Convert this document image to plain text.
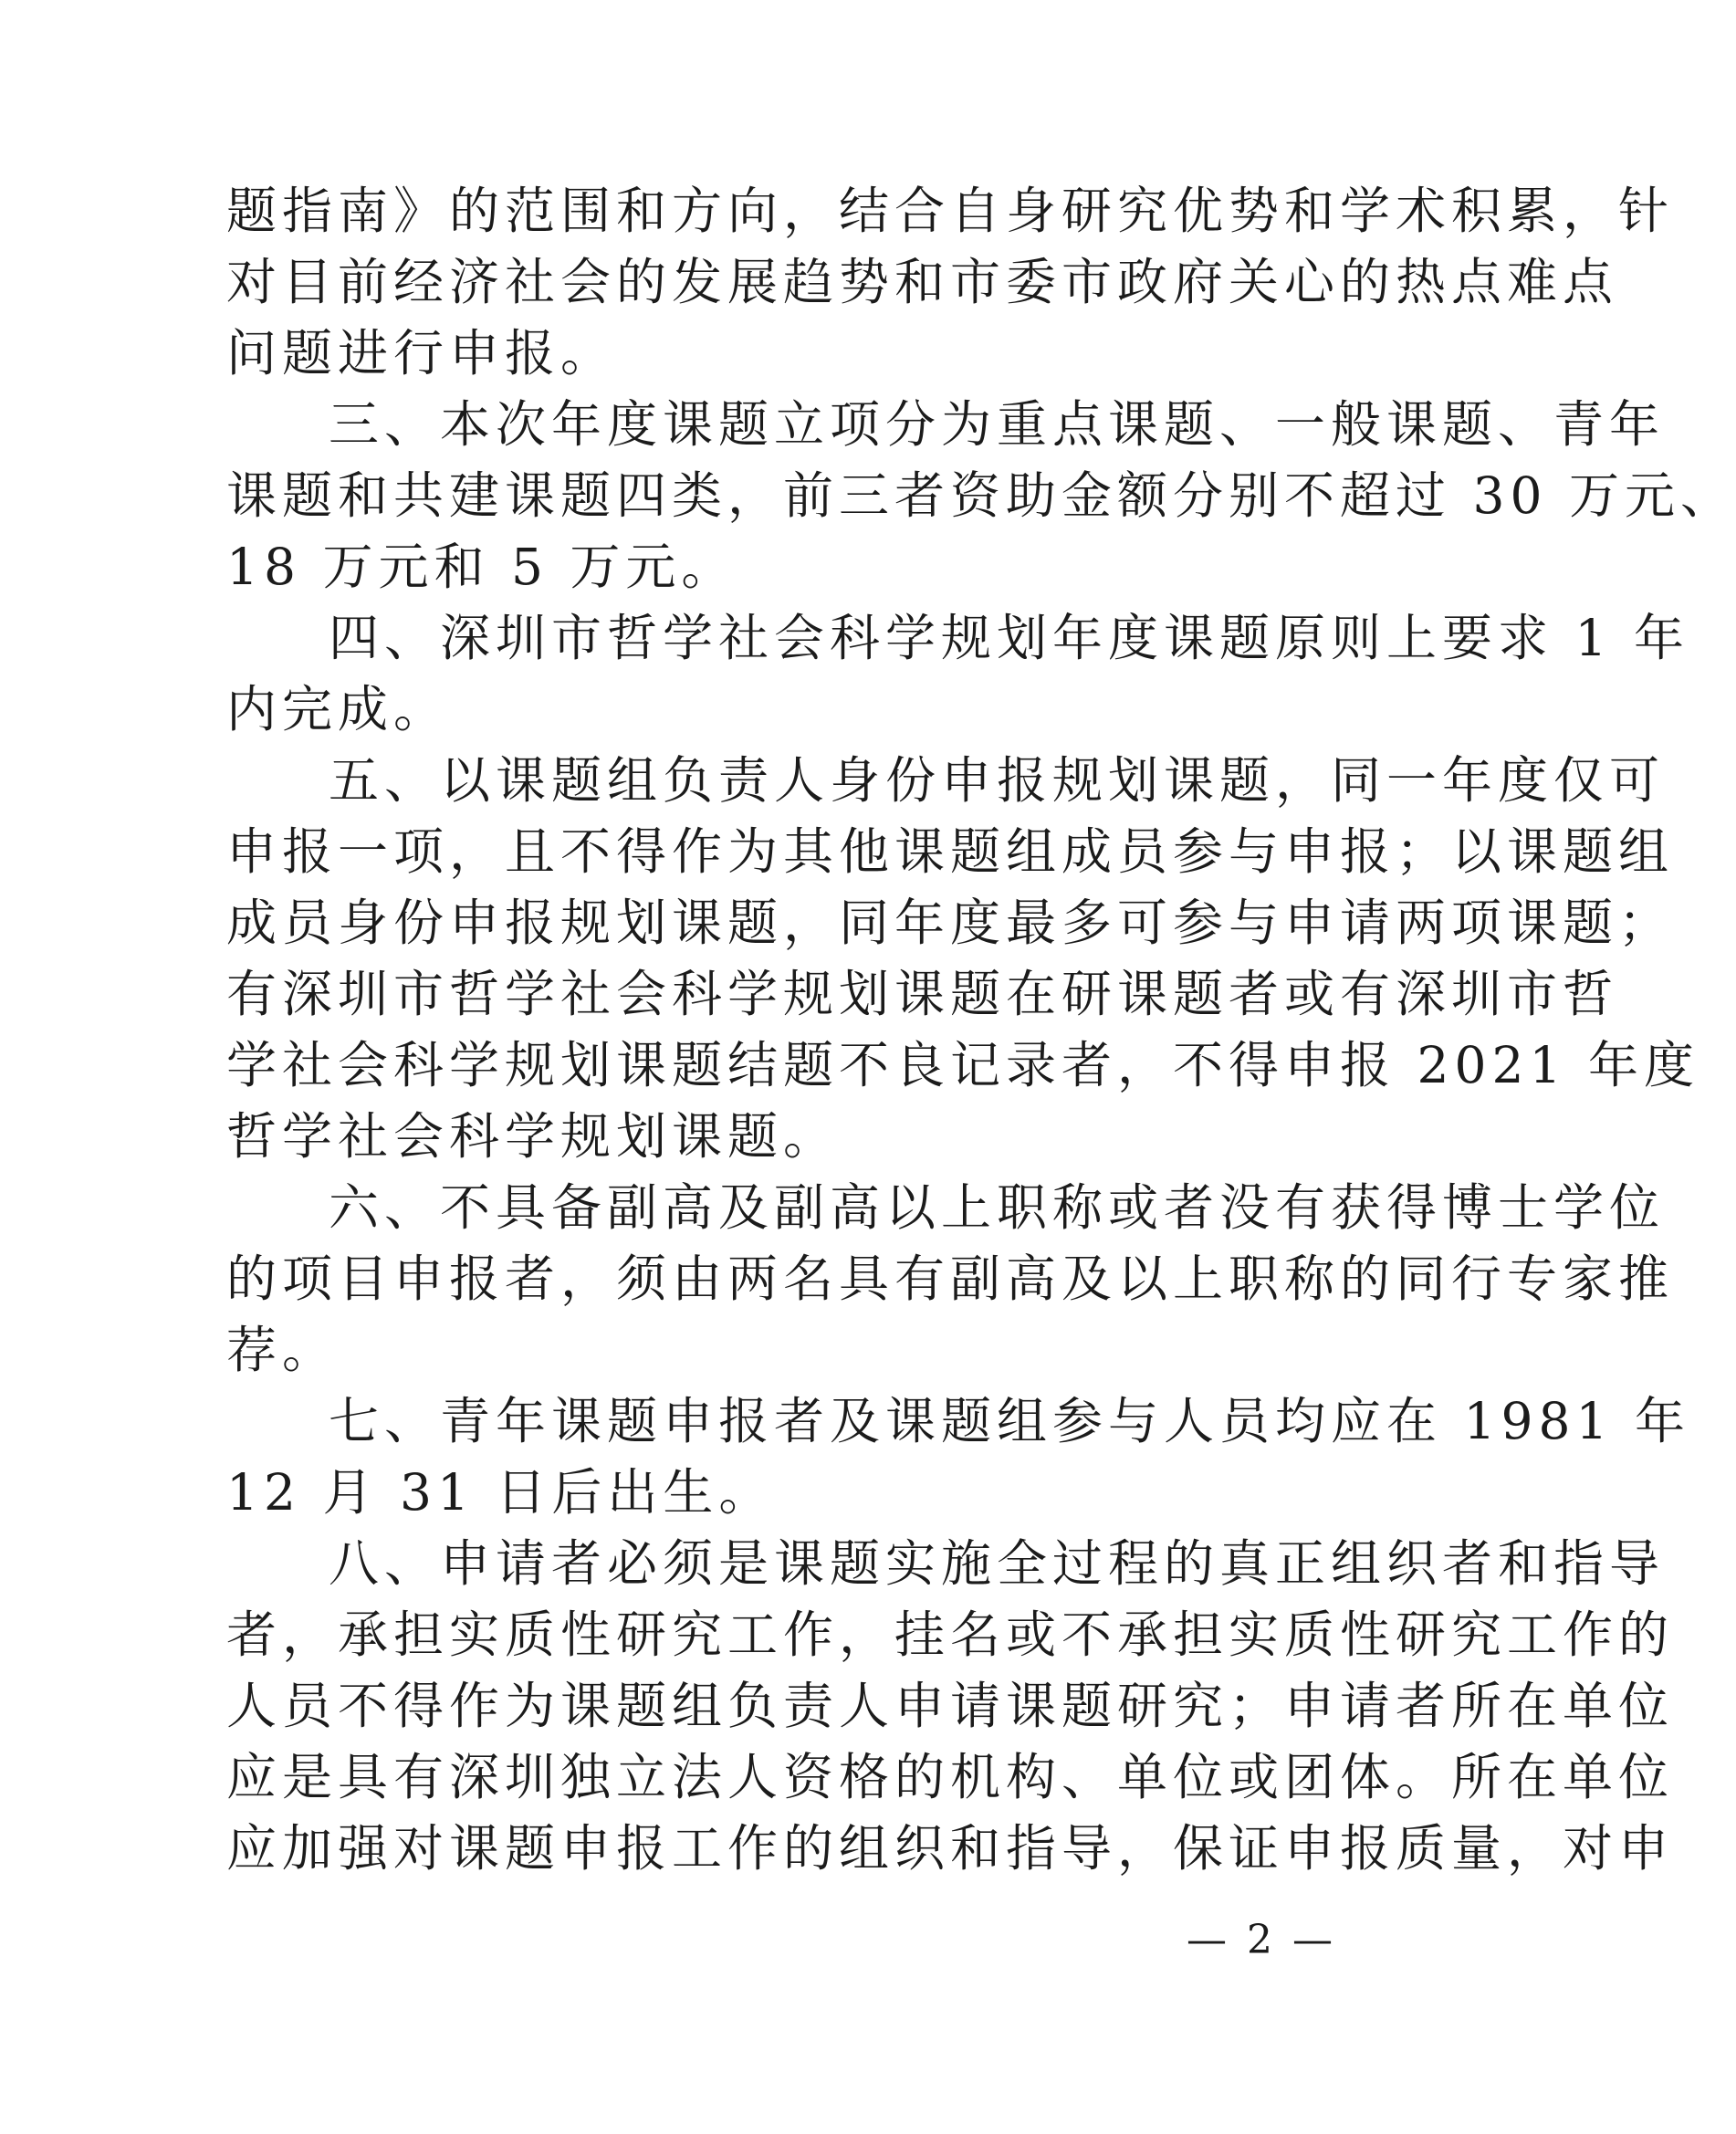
题指南》的范围和方向，结合自身研究优势和学术积累，针
对目前经济社会的发展趋势和市委市政府关心的热点难点
问题进行申报。
三、本次年度课题立项分为重点课题、一般课题、青年
课题和共建课题四类，前三者资助金额分别不超过 30 万元、
18 万元和 5 万元。
四、深圳市哲学社会科学规划年度课题原则上要求 1 年
内完成。
五、以课题组负责人身份申报规划课题，同一年度仅可
申报一项，且不得作为其他课题组成员参与申报；以课题组
成员身份申报规划课题，同年度最多可参与申请两项课题；
有深圳市哲学社会科学规划课题在研课题者或有深圳市哲
学社会科学规划课题结题不良记录者，不得申报 2021 年度
哲学社会科学规划课题。
六、不具备副高及副高以上职称或者没有获得博士学位
的项目申报者，须由两名具有副高及以上职称的同行专家推
荐。
七、青年课题申报者及课题组参与人员均应在 1981 年
12 月 31 日后出生。
八、申请者必须是课题实施全过程的真正组织者和指导
者，承担实质性研究工作，挂名或不承担实质性研究工作的
人员不得作为课题组负责人申请课题研究；申请者所在单位
应是具有深圳独立法人资格的机构、单位或团体。所在单位
应加强对课题申报工作的组织和指导，保证申报质量，对申
— 2 —
